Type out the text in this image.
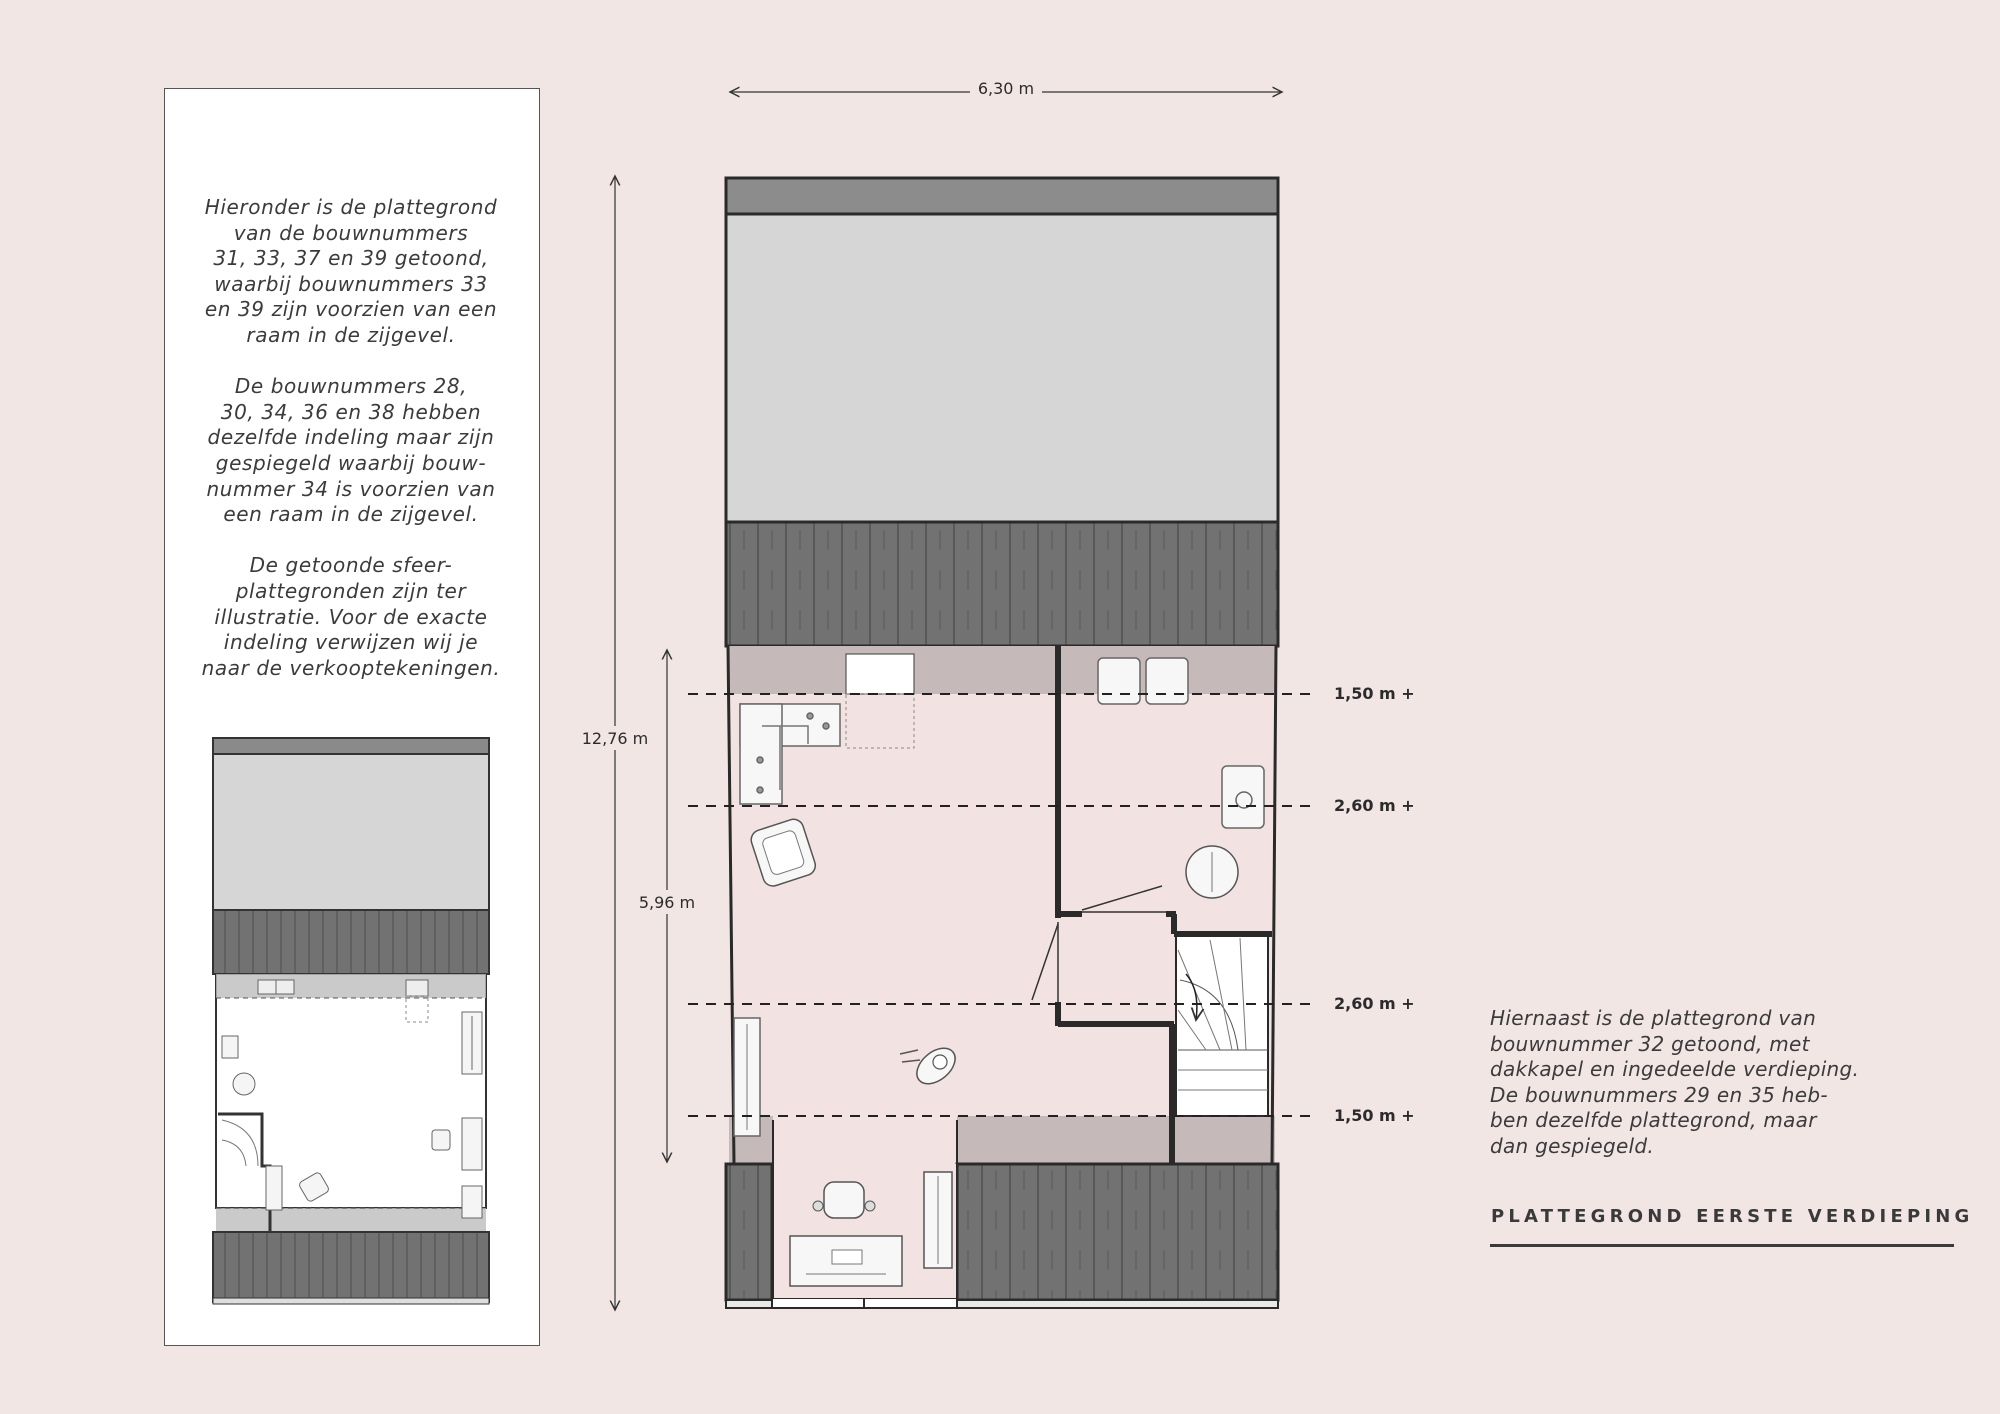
Hieronder is de plattegrond
van de bouwnummers
31, 33, 37 en 39 getoond,
waarbij bouwnummers 33
en 39 zijn voorzien van een
raam in de zijgevel.

De bouwnummers 28,
30, 34, 36 en 38 hebben
dezelfde indeling maar zijn
gespiegeld waarbij bouw-
nummer 34 is voorzien van
een raam in de zijgevel.

De getoonde sfeer-
plattegronden zijn ter
illustratie. Voor de exacte
indeling verwijzen wij je
naar de verkooptekeningen.

6,30 m
12,76 m
5,96 m
1,50 m +
2,60 m +
2,60 m +
1,50 m +
Hiernaast is de plattegrond van
bouwnummer 32 getoond, met
dakkapel en ingedeelde verdieping.
De bouwnummers 29 en 35 heb-
ben dezelfde plattegrond, maar
dan gespiegeld.
PLATTEGROND EERSTE VERDIEPING
